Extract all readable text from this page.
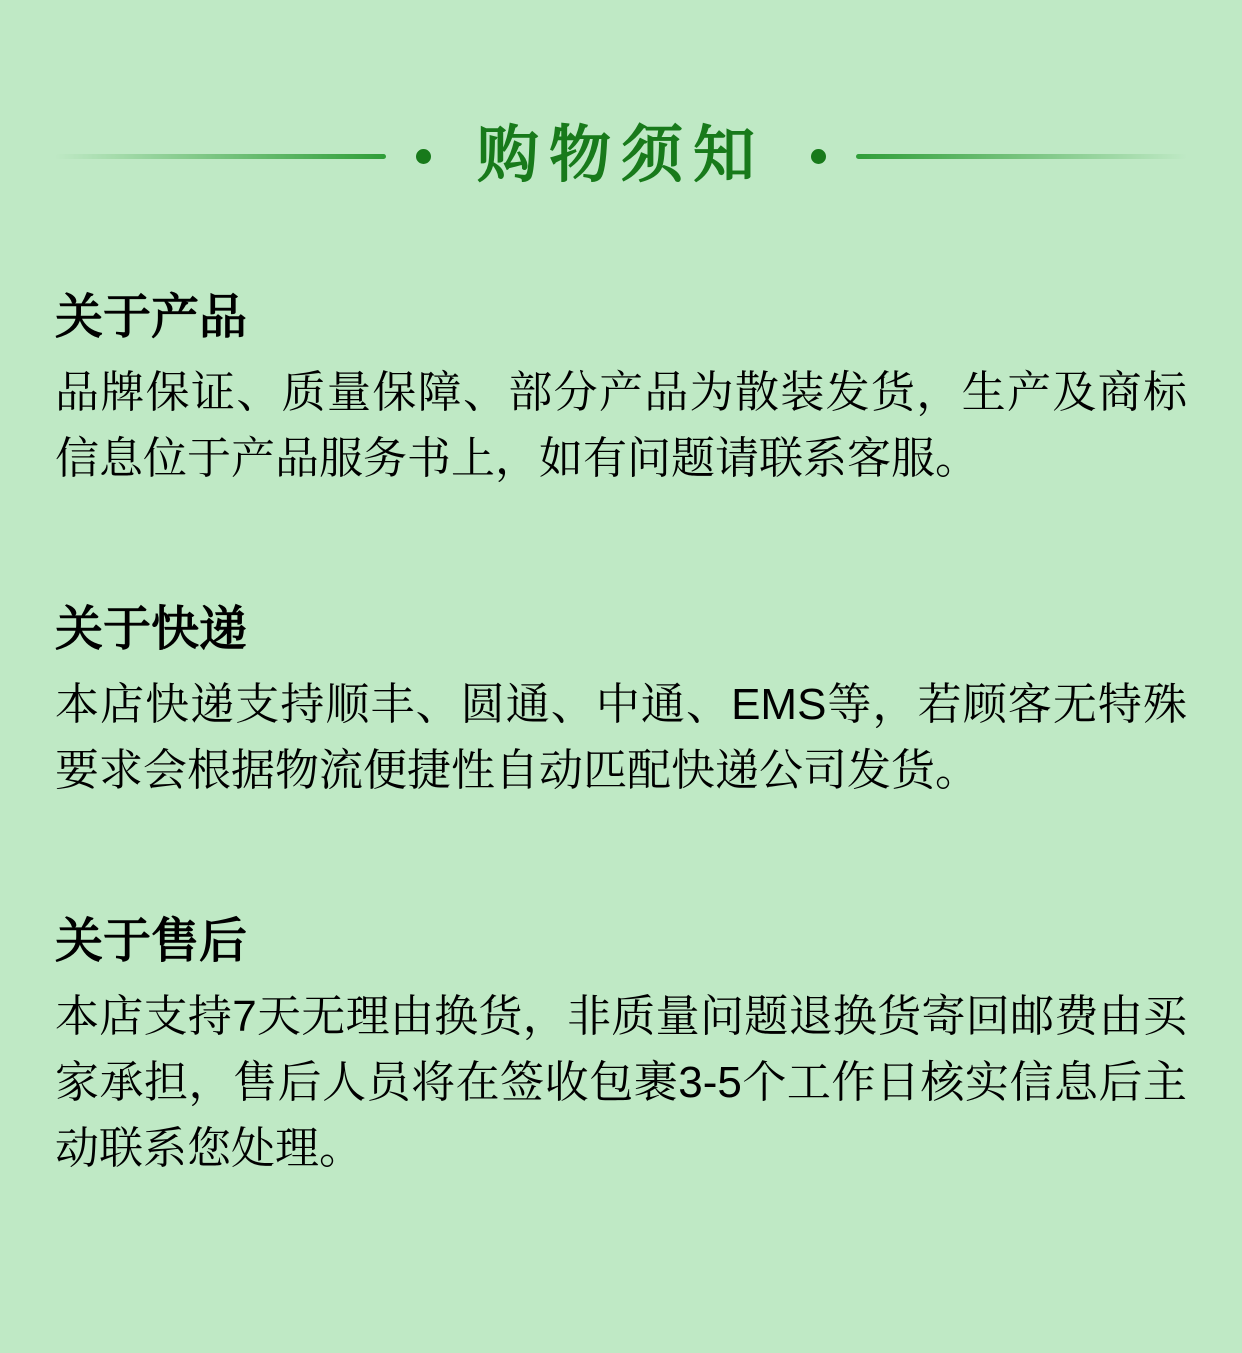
购物须知
关于产品

品牌保证、质量保障、部分产品为散装发货，生产及商标信息位于产品服务书上，如有问题请联系客服。

关于快递

本店快递支持顺丰、圆通、中通、EMS等，若顾客无特殊要求会根据物流便捷性自动匹配快递公司发货。

关于售后

本店支持7天无理由换货，非质量问题退换货寄回邮费由买家承担，售后人员将在签收包裹3-5个工作日核实信息后主动联系您处理。
